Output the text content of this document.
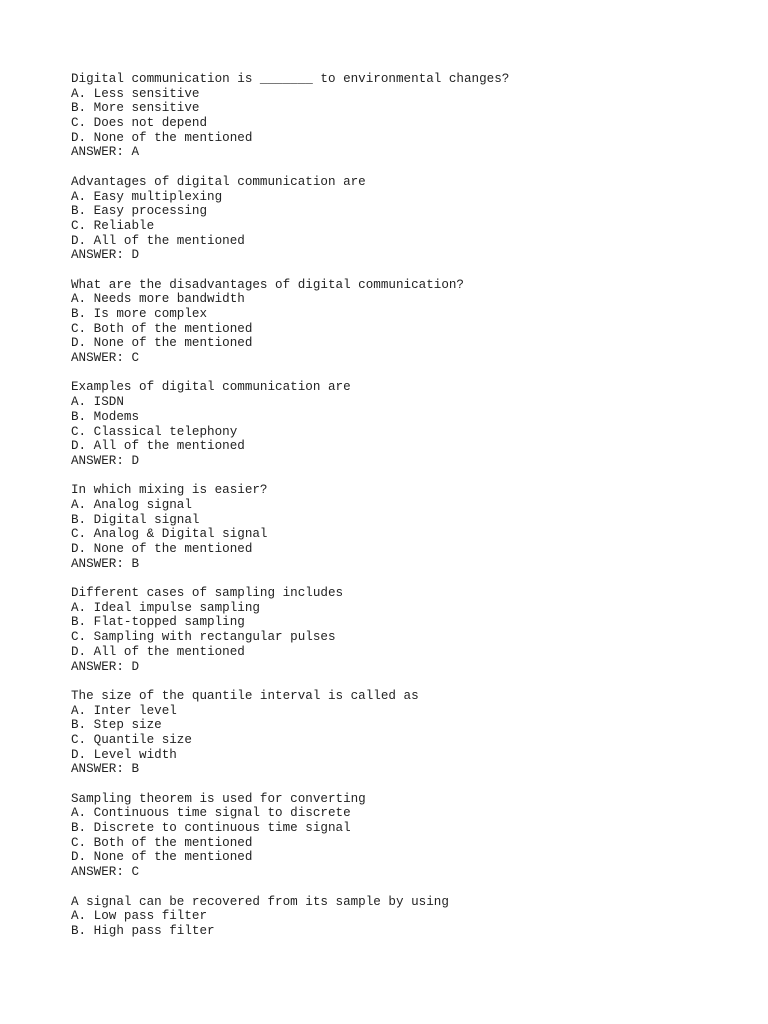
Digital communication is _______ to environmental changes?
A. Less sensitive
B. More sensitive
C. Does not depend
D. None of the mentioned
ANSWER: A
Advantages of digital communication are
A. Easy multiplexing
B. Easy processing
C. Reliable
D. All of the mentioned
ANSWER: D
What are the disadvantages of digital communication?
A. Needs more bandwidth
B. Is more complex
C. Both of the mentioned
D. None of the mentioned
ANSWER: C
Examples of digital communication are
A. ISDN
B. Modems
C. Classical telephony
D. All of the mentioned
ANSWER: D
In which mixing is easier?
A. Analog signal
B. Digital signal
C. Analog & Digital signal
D. None of the mentioned
ANSWER: B
Different cases of sampling includes
A. Ideal impulse sampling
B. Flat-topped sampling
C. Sampling with rectangular pulses
D. All of the mentioned
ANSWER: D
The size of the quantile interval is called as
A. Inter level
B. Step size
C. Quantile size
D. Level width
ANSWER: B
Sampling theorem is used for converting
A. Continuous time signal to discrete
B. Discrete to continuous time signal
C. Both of the mentioned
D. None of the mentioned
ANSWER: C
A signal can be recovered from its sample by using
A. Low pass filter
B. High pass filter
